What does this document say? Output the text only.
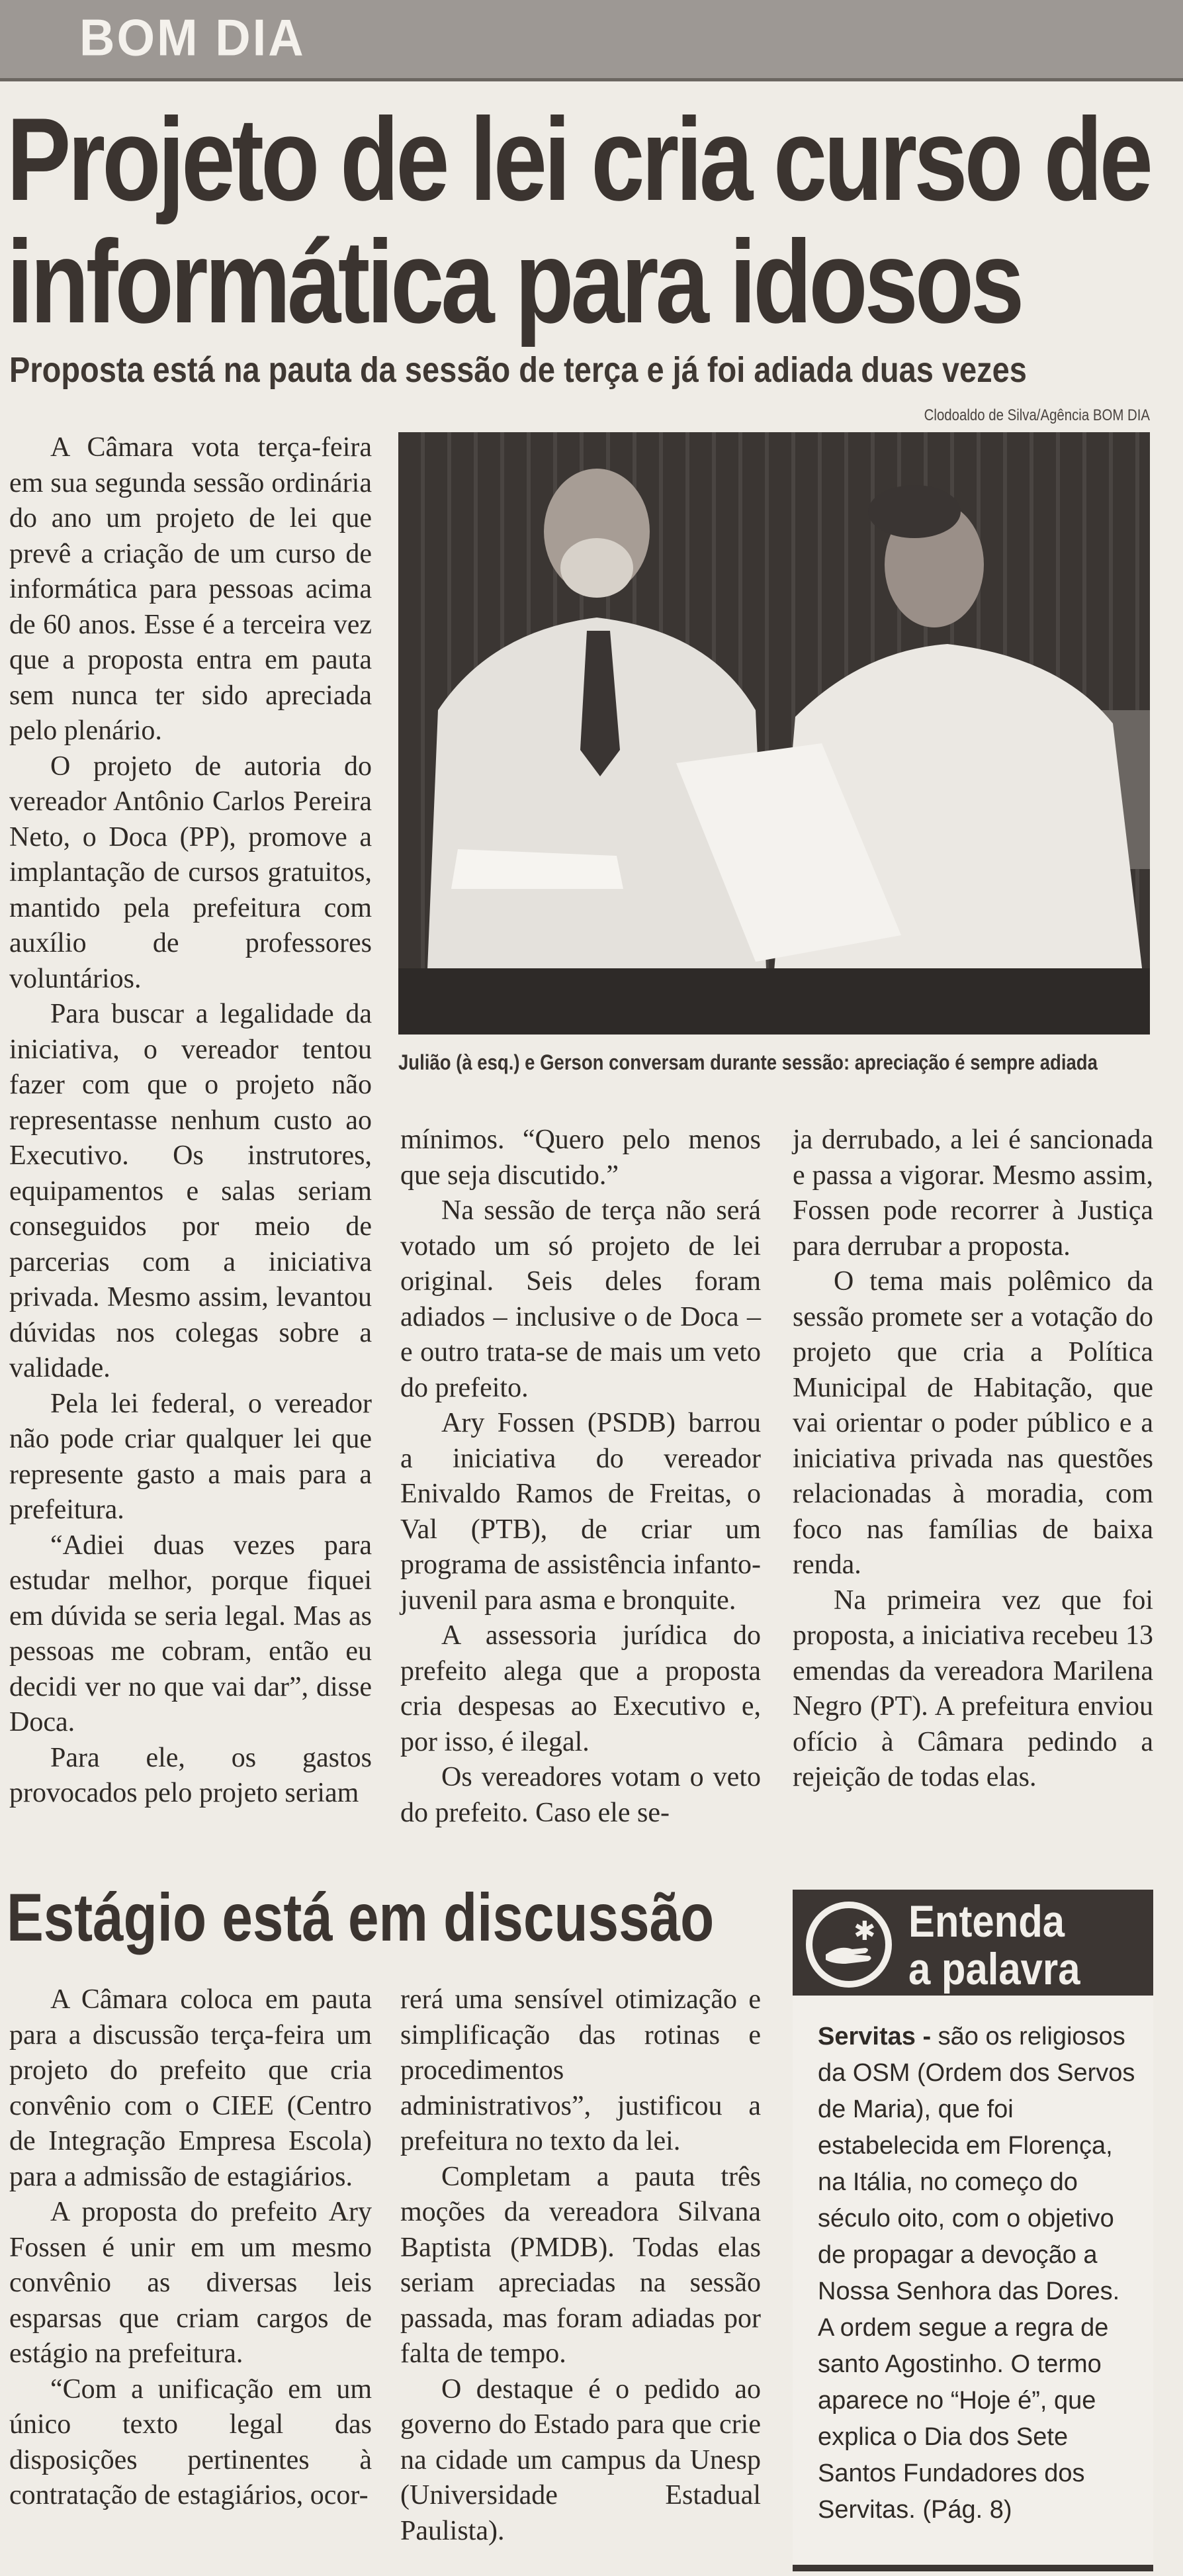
BOM DIA
Projeto de lei cria curso de
informática para idosos
Proposta está na pauta da sessão de terça e já foi adiada duas vezes
Clodoaldo de Silva/Agência BOM DIA
Julião (à esq.) e Gerson conversam durante sessão: apreciação é sempre adiada

A Câmara vota terça-feira em sua segunda sessão ordinária do ano um projeto de lei que prevê a criação de um curso de informática para pessoas acima de 60 anos. Esse é a terceira vez que a proposta entra em pauta sem nunca ter sido apreciada pelo plenário.

O projeto de autoria do vereador Antônio Carlos Pereira Neto, o Doca (PP), promove a implantação de cursos gratuitos, mantido pela prefeitura com auxílio de professores voluntários.

Para buscar a legalidade da iniciativa, o vereador tentou fazer com que o projeto não representasse nenhum custo ao Executivo. Os instrutores, equipamentos e salas seriam conseguidos por meio de parcerias com a iniciativa privada. Mesmo assim, levantou dúvidas nos colegas sobre a validade.

Pela lei federal, o vereador não pode criar qualquer lei que represente gasto a mais para a prefeitura.

“Adiei duas vezes para estudar melhor, porque fiquei em dúvida se seria legal. Mas as pessoas me cobram, então eu decidi ver no que vai dar”, disse Doca.

Para ele, os gastos provocados pelo projeto seriam

mínimos. “Quero pelo menos que seja discutido.”

Na sessão de terça não será votado um só projeto de lei original. Seis deles foram adiados – inclusive o de Doca – e outro trata-se de mais um veto do prefeito.

Ary Fossen (PSDB) barrou a iniciativa do vereador Enivaldo Ramos de Freitas, o Val (PTB), de criar um programa de assistência infanto-juvenil para asma e bronquite.

A assessoria jurídica do prefeito alega que a proposta cria despesas ao Executivo e, por isso, é ilegal.

Os vereadores votam o veto do prefeito. Caso ele se-

ja derrubado, a lei é sancionada e passa a vigorar. Mesmo assim, Fossen pode recorrer à Justiça para derrubar a proposta.

O tema mais polêmico da sessão promete ser a votação do projeto que cria a Política Municipal de Habitação, que vai orientar o poder público e a iniciativa privada nas questões relacionadas à moradia, com foco nas famílias de baixa renda.

Na primeira vez que foi proposta, a iniciativa recebeu 13 emendas da vereadora Marilena Negro (PT). A prefeitura enviou ofício à Câmara pedindo a rejeição de todas elas.

Estágio está em discussão

A Câmara coloca em pauta para a discussão terça-feira um projeto do prefeito que cria convênio com o CIEE (Centro de Integração Empresa Escola) para a admissão de estagiários.

A proposta do prefeito Ary Fossen é unir em um mesmo convênio as diversas leis esparsas que criam cargos de estágio na prefeitura.

“Com a unificação em um único texto legal das disposições pertinentes à contratação de estagiários, ocor-

rerá uma sensível otimização e simplificação das rotinas e procedimentos administrativos”, justificou a prefeitura no texto da lei.

Completam a pauta três moções da vereadora Silvana Baptista (PMDB). Todas elas seriam apreciadas na sessão passada, mas foram adiadas por falta de tempo.

O destaque é o pedido ao governo do Estado para que crie na cidade um campus da Unesp (Universidade Estadual Paulista).

✱ Entenda
a palavra
Servitas - são os religiosos da OSM (Ordem dos Servos de Maria), que foi estabelecida em Florença, na Itália, no começo do século oito, com o objetivo de propagar a devoção a Nossa Senhora das Dores. A ordem segue a regra de santo Agostinho. O termo aparece no “Hoje é”, que explica o Dia dos Sete Santos Fundadores dos Servitas. (Pág. 8)
